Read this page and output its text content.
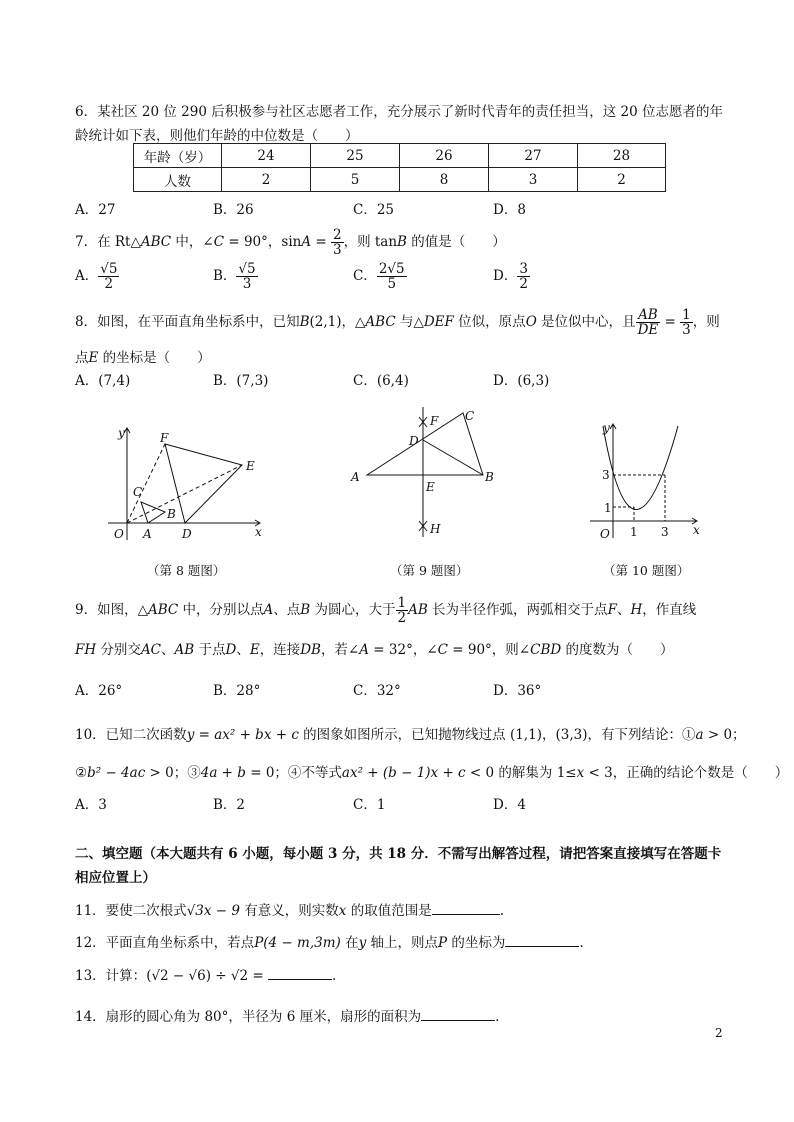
6．某社区 20 位 290 后积极参与社区志愿者工作，充分展示了新时代青年的责任担当，这 20 位志愿者的年
龄统计如下表，则他们年龄的中位数是（　　）
年龄（岁）	24	25	26	27	28
人数	2	5	8	3	2
A．27	B．26	C．25	D．8
7．在 Rt△ABC 中，∠C = 90°，$\sin A = \frac{2}{3}$ ，则 tanB 的值是（　　）
A． $\frac{√5}{2}$	B． $\frac{√5}{3}$	C． $\frac{2√5}{5}$	D． $\frac{3}{2}$
8．如图，在平面直角坐标系中，已知B(2,1)，△ABC 与△DEF 位似，原点O 是位似中心，且 $\frac{AB}{DE} = \frac{1}{3}$ ，则
点E 的坐标是（　　）
A．(7,4)	B．(7,3)	C．(6,4)	D．(6,3)
y	F
E
C
B
O A	D	x
（第 8 题图）
F C
D
A
E
B
H
（第 9 题图）
y
3
1
O 1 3 x
（第 10 题图）
9．如图，△ABC 中，分别以点A、点B 为圆心，大于 $\frac{1}{2}$ AB 长为半径作弧，两弧相交于点F、H，作直线
FH 分别交AC、AB 于点D、E，连接DB，若∠A = 32°，∠C = 90°，则∠CBD 的度数为（　　）
A．26°	B．28°	C．32°	D．36°
10．已知二次函数y = ax² + bx + c 的图象如图所示，已知抛物线过点 (1,1)，(3,3)，有下列结论：①a > 0；
②b² − 4ac > 0；③4a + b = 0；④不等式ax² + (b − 1)x + c < 0 的解集为 1≤x < 3，正确的结论个数是（　　）
A．3	B．2	C．1	D．4
二、填空题（本大题共有 6 小题，每小题 3 分，共 18 分．不需写出解答过程，请把答案直接填写在答题卡
相应位置上）
11．要使二次根式√3x − 9 有意义，则实数x 的取值范围是	.
12．平面直角坐标系中，若点P(4 − m,3m) 在y 轴上，则点P 的坐标为	.
13．计算：(√2 − √6) ÷ √2 =	.
14．扇形的圆心角为 80°，半径为 6 厘米，扇形的面积为	.
2
